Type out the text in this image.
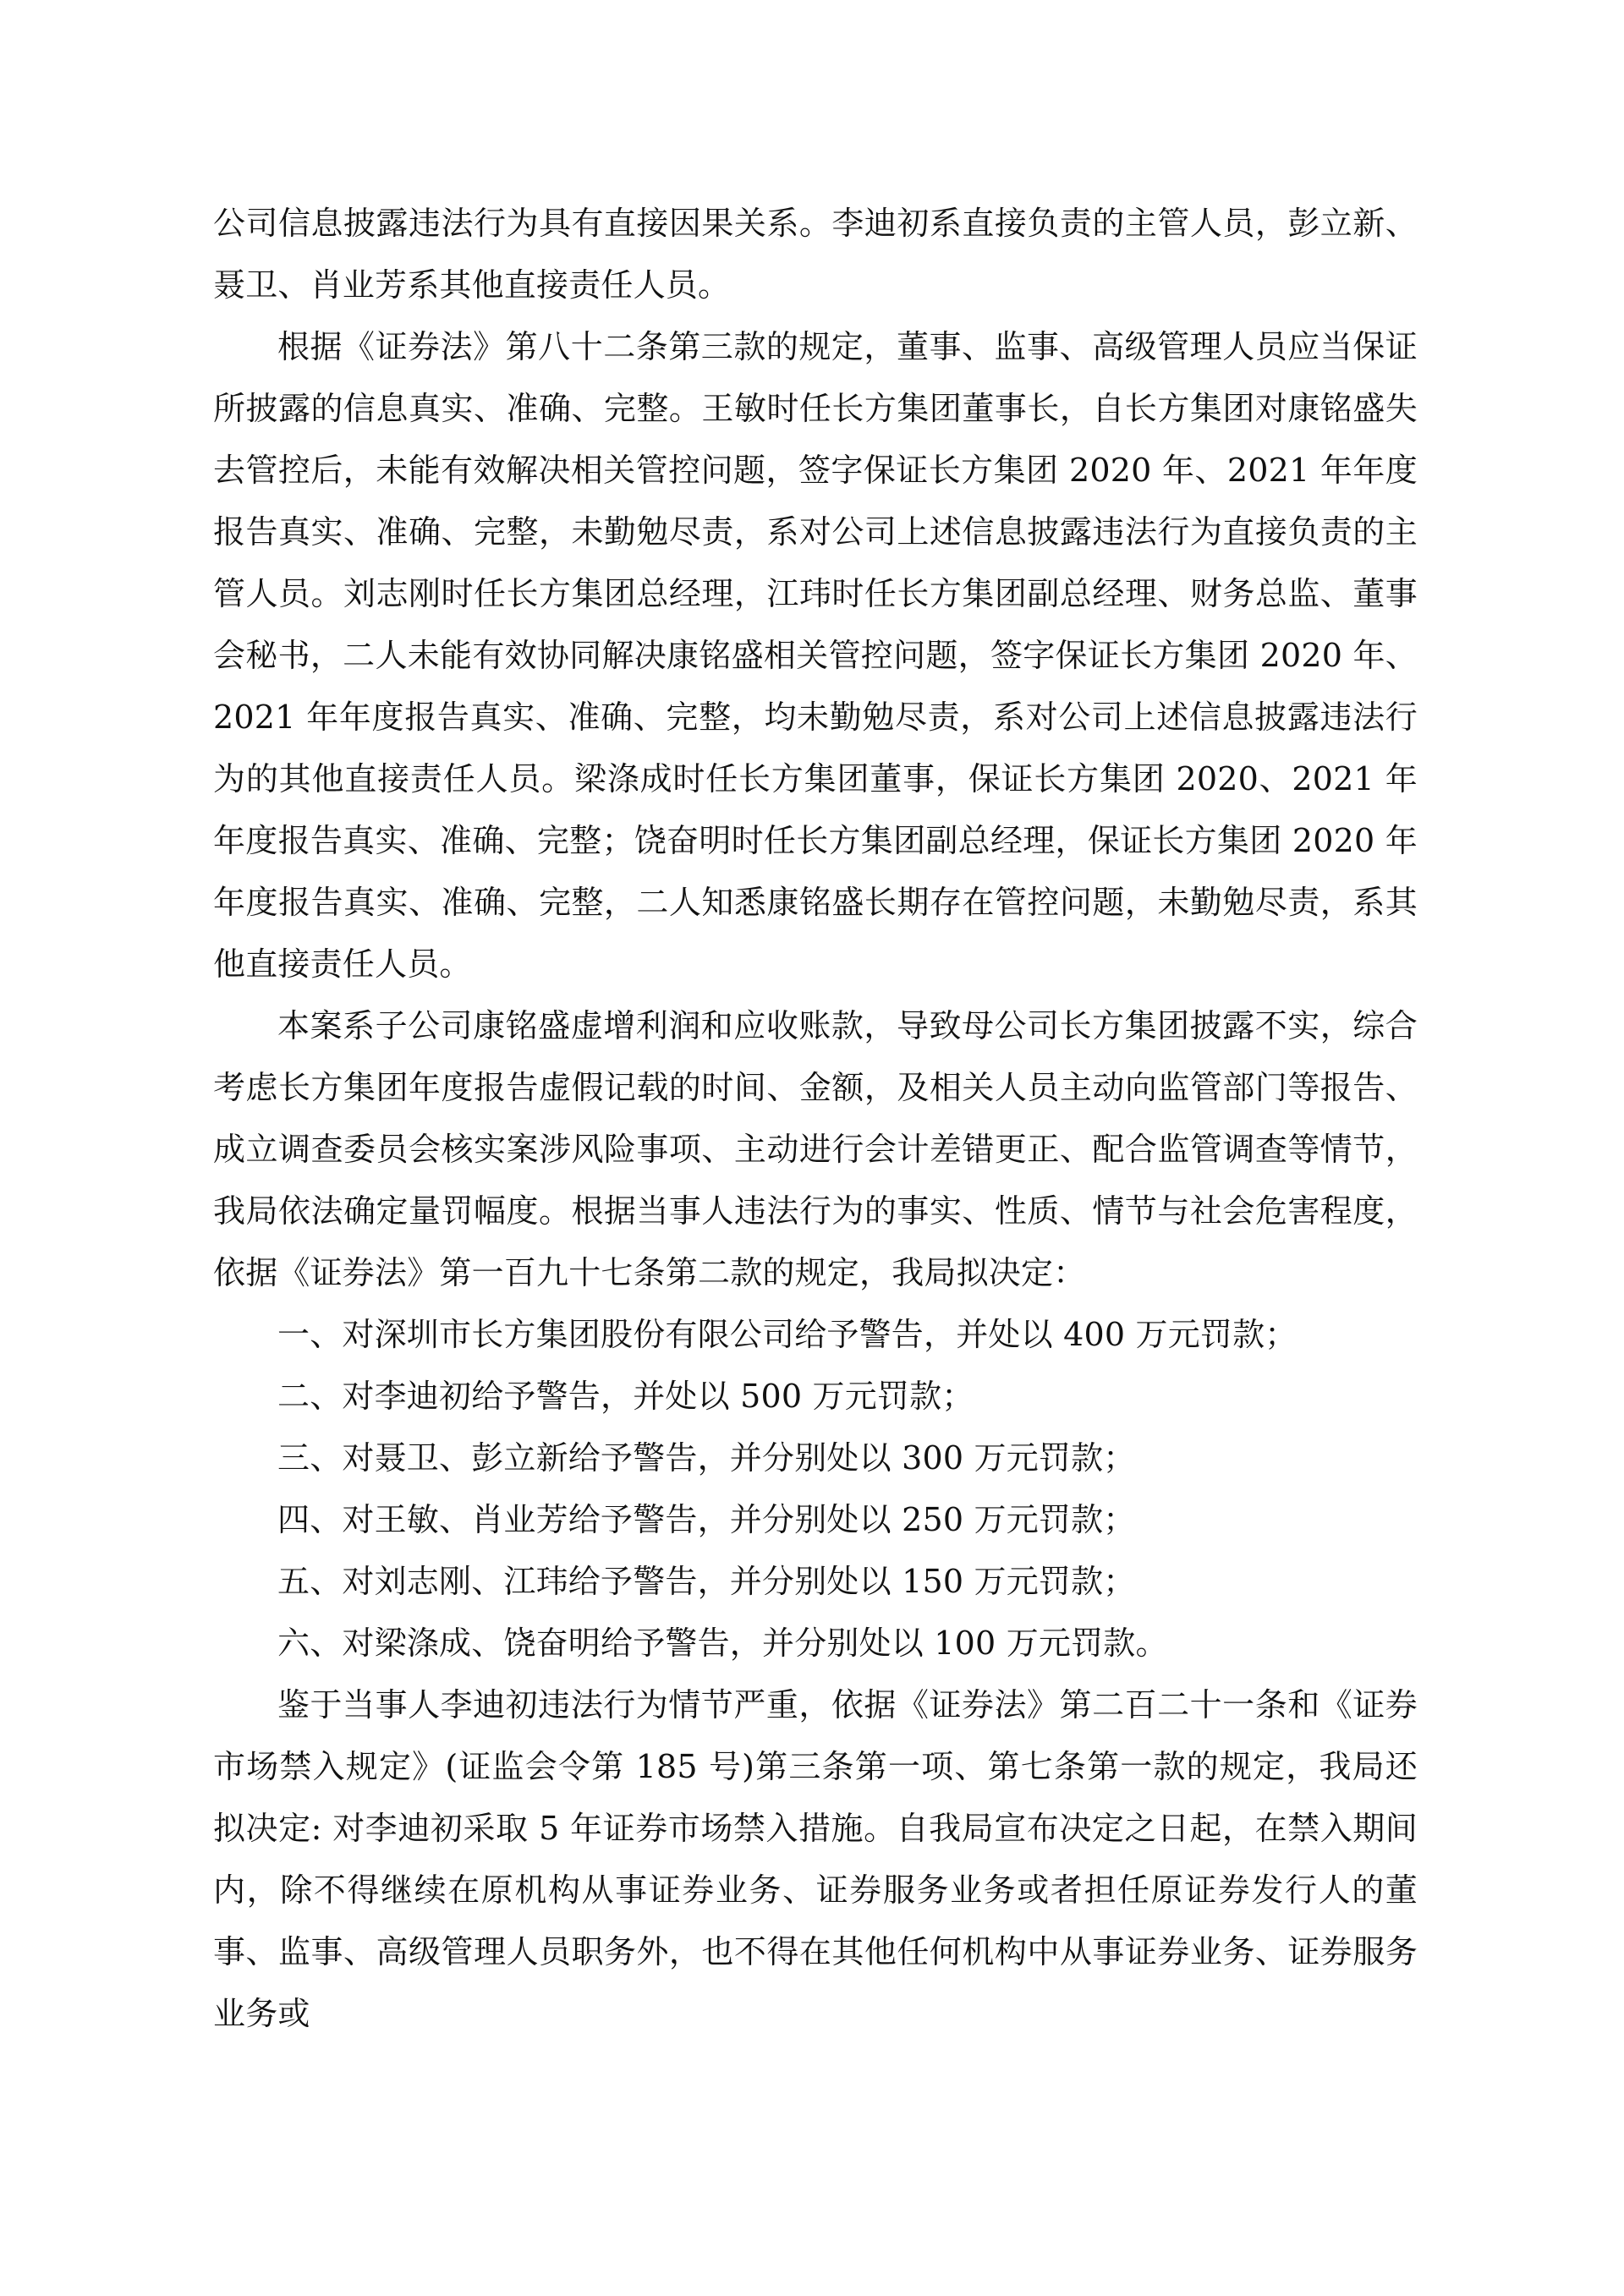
公司信息披露违法行为具有直接因果关系。李迪初系直接负责的主管人员，彭立新、聂卫、肖业芳系其他直接责任人员。

根据《证券法》第八十二条第三款的规定，董事、监事、高级管理人员应当保证所披露的信息真实、准确、完整。王敏时任长方集团董事长，自长方集团对康铭盛失去管控后，未能有效解决相关管控问题，签字保证长方集团 2020 年、2021 年年度报告真实、准确、完整，未勤勉尽责，系对公司上述信息披露违法行为直接负责的主管人员。刘志刚时任长方集团总经理，江玮时任长方集团副总经理、财务总监、董事会秘书，二人未能有效协同解决康铭盛相关管控问题，签字保证长方集团 2020 年、2021 年年度报告真实、准确、完整，均未勤勉尽责，系对公司上述信息披露违法行为的其他直接责任人员。梁涤成时任长方集团董事，保证长方集团 2020、2021 年年度报告真实、准确、完整；饶奋明时任长方集团副总经理，保证长方集团 2020 年年度报告真实、准确、完整，二人知悉康铭盛长期存在管控问题，未勤勉尽责，系其他直接责任人员。

本案系子公司康铭盛虚增利润和应收账款，导致母公司长方集团披露不实，综合考虑长方集团年度报告虚假记载的时间、金额，及相关人员主动向监管部门等报告、成立调查委员会核实案涉风险事项、主动进行会计差错更正、配合监管调查等情节，我局依法确定量罚幅度。根据当事人违法行为的事实、性质、情节与社会危害程度，依据《证券法》第一百九十七条第二款的规定，我局拟决定：

一、对深圳市长方集团股份有限公司给予警告，并处以 400 万元罚款；

二、对李迪初给予警告，并处以 500 万元罚款；

三、对聂卫、彭立新给予警告，并分别处以 300 万元罚款；

四、对王敏、肖业芳给予警告，并分别处以 250 万元罚款；

五、对刘志刚、江玮给予警告，并分别处以 150 万元罚款；

六、对梁涤成、饶奋明给予警告，并分别处以 100 万元罚款。

鉴于当事人李迪初违法行为情节严重，依据《证券法》第二百二十一条和《证券市场禁入规定》(证监会令第 185 号)第三条第一项、第七条第一款的规定，我局还拟决定: 对李迪初采取 5 年证券市场禁入措施。自我局宣布决定之日起，在禁入期间内，除不得继续在原机构从事证券业务、证券服务业务或者担任原证券发行人的董事、监事、高级管理人员职务外，也不得在其他任何机构中从事证券业务、证券服务业务或
